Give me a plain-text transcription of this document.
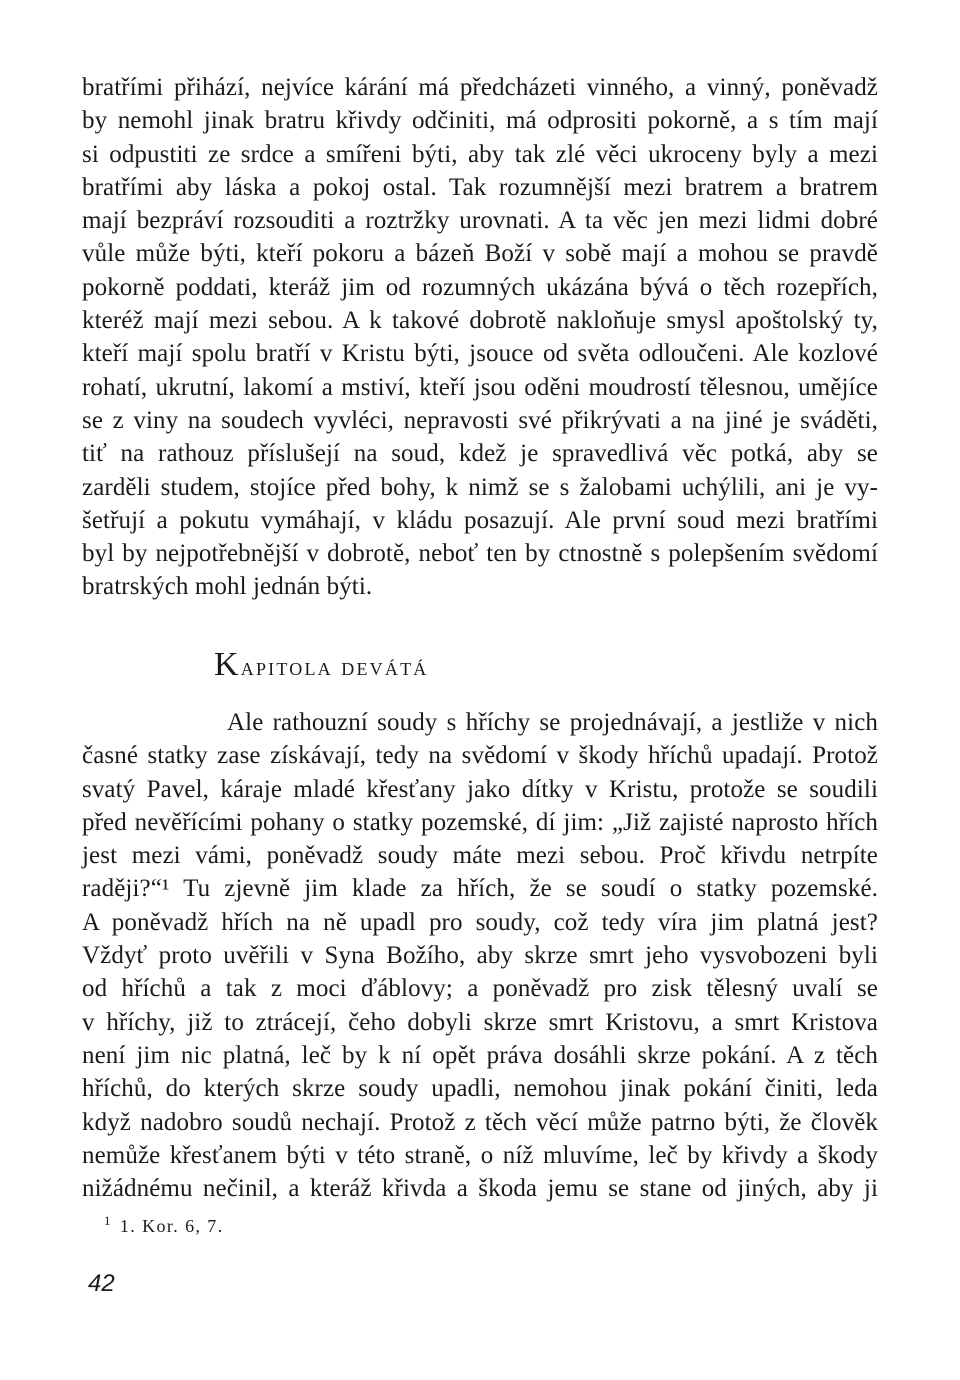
bratřími přihází, nejvíce kárání má předcházeti vinného, a vinný, poněvadž
by nemohl jinak bratru křivdy odčiniti, má odprositi pokorně, a s tím mají
si odpustiti ze srdce a smířeni býti, aby tak zlé věci ukroceny byly a mezi
bratřími aby láska a pokoj ostal. Tak rozumnější mezi bratrem a bratrem
mají bezpráví rozsouditi a roztržky urovnati. A ta věc jen mezi lidmi dobré
vůle může býti, kteří pokoru a bázeň Boží v sobě mají a mohou se pravdě
pokorně poddati, kteráž jim od rozumných ukázána bývá o těch rozepřích,
kteréž mají mezi sebou. A k takové dobrotě nakloňuje smysl apoštolský ty,
kteří mají spolu bratří v Kristu býti, jsouce od světa odloučeni. Ale kozlové
rohatí, ukrutní, lakomí a mstiví, kteří jsou oděni moudrostí tělesnou, umějíce
se z viny na soudech vyvléci, nepravosti své přikrývati a na jiné je sváděti,
tiť na rathouz příslušejí na soud, kdež je spravedlivá věc potká, aby se
zarděli studem, stojíce před bohy, k nimž se s žalobami uchýlili, ani je vy-
šetřují a pokutu vymáhají, v kládu posazují. Ale první soud mezi bratřími
byl by nejpotřebnější v dobrotě, neboť ten by ctnostně s polepšením svědomí
bratrských mohl jednán býti.
Kapitola devátá
Ale rathouzní soudy s hříchy se projednávají, a jestliže v nich
časné statky zase získávají, tedy na svědomí v škody hříchů upadají. Protož
svatý Pavel, káraje mladé křesťany jako dítky v Kristu, protože se soudili
před nevěřícími pohany o statky pozemské, dí jim: „Již zajisté naprosto hřích
jest mezi vámi, poněvadž soudy máte mezi sebou. Proč křivdu netrpíte
raději?“¹ Tu zjevně jim klade za hřích, že se soudí o statky pozemské.
A poněvadž hřích na ně upadl pro soudy, což tedy víra jim platná jest?
Vždyť proto uvěřili v Syna Božího, aby skrze smrt jeho vysvobozeni byli
od hříchů a tak z moci ďáblovy; a poněvadž pro zisk tělesný uvalí se
v hříchy, již to ztrácejí, čeho dobyli skrze smrt Kristovu, a smrt Kristova
není jim nic platná, leč by k ní opět práva dosáhli skrze pokání. A z těch
hříchů, do kterých skrze soudy upadli, nemohou jinak pokání činiti, leda
když nadobro soudů nechají. Protož z těch věcí může patrno býti, že člověk
nemůže křesťanem býti v této straně, o níž mluvíme, leč by křivdy a škody
nižádnému nečinil, a kteráž křivda a škoda jemu se stane od jiných, aby ji
$^1$ 1. Kor. 6, 7.
42
